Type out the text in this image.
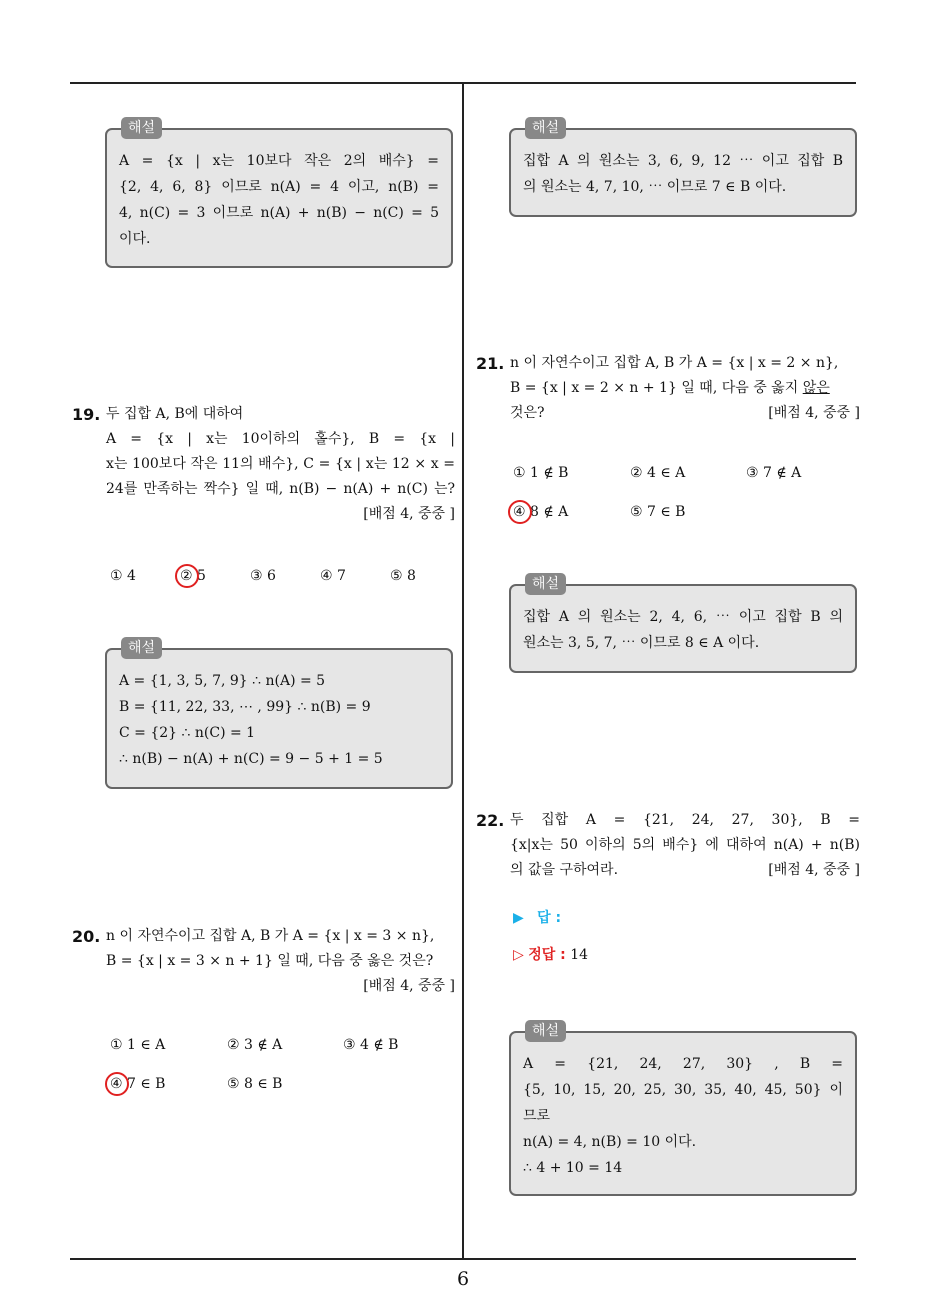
6
해설
A = {x | x는 10보다 작은 2의 배수} =
{2, 4, 6, 8} 이므로 n(A) = 4 이고, n(B) =
4, n(C) = 3 이므로 n(A) + n(B) − n(C) = 5
이다.
19. 두 집합 A, B에 대하여
A = {x | x는 10이하의 홀수}, B = {x |
x는 100보다 작은 11의 배수}, C = {x | x는 12 × x =
24를 만족하는 짝수} 일 때, n(B) − n(A) + n(C) 는?
[배점 4, 중중 ]
① 4	② 5	③ 6	④ 7	⑤ 8
해설
A = {1, 3, 5, 7, 9} ∴ n(A) = 5
B = {11, 22, 33, ⋯ , 99} ∴ n(B) = 9
C = {2} ∴ n(C) = 1
∴ n(B) − n(A) + n(C) = 9 − 5 + 1 = 5
20. n 이 자연수이고 집합 A, B 가 A = {x | x = 3 × n},
B = {x | x = 3 × n + 1} 일 때, 다음 중 옳은 것은?
[배점 4, 중중 ]
① 1 ∈ A	② 3 ∉ A	③ 4 ∉ B
④ 7 ∈ B	⑤ 8 ∈ B
해설
집합 A 의 원소는 3, 6, 9, 12 ⋯ 이고 집합 B
의 원소는 4, 7, 10, ⋯ 이므로 7 ∈ B 이다.
21. n 이 자연수이고 집합 A, B 가 A = {x | x = 2 × n},
B = {x | x = 2 × n + 1} 일 때, 다음 중 옳지 않은
것은?	[배점 4, 중중 ]
① 1 ∉ B	② 4 ∈ A	③ 7 ∉ A
④ 8 ∉ A	⑤ 7 ∈ B
해설
집합 A 의 원소는 2, 4, 6, ⋯ 이고 집합 B 의
원소는 3, 5, 7, ⋯ 이므로 8 ∈ A 이다.
22. 두 집합 A = {21, 24, 27, 30}, B =
{x|x는 50 이하의 5의 배수} 에 대하여 n(A) + n(B)
의 값을 구하여라.	[배점 4, 중중 ]
▶ 답 :
▷ 정답 : 14
해설
A = {21, 24, 27, 30} , B =
{5, 10, 15, 20, 25, 30, 35, 40, 45, 50} 이
므로
n(A) = 4, n(B) = 10 이다.
∴ 4 + 10 = 14
